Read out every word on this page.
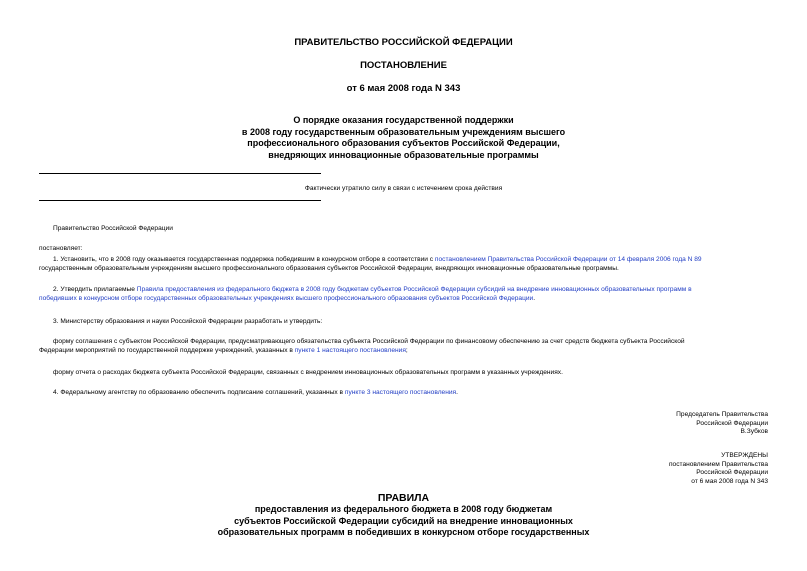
ПРАВИТЕЛЬСТВО РОССИЙСКОЙ ФЕДЕРАЦИИ
ПОСТАНОВЛЕНИЕ
от 6 мая 2008 года N 343
О порядке оказания государственной поддержки
в 2008 году государственным образовательным учреждениям высшего
профессионального образования субъектов Российской Федерации,
внедряющих инновационные образовательные программы
Фактически утратило силу в связи с истечением срока действия
Правительство Российской Федерации
постановляет:
1. Установить, что в 2008 году оказывается государственная поддержка победившим в конкурсном отборе в соответствии с постановлением Правительства Российской Федерации от 14 февраля 2006 года N 89
государственным образовательным учреждениям высшего профессионального образования субъектов Российской Федерации, внедряющих инновационные образовательные программы.
2. Утвердить прилагаемые Правила предоставления из федерального бюджета в 2008 году бюджетам субъектов Российской Федерации субсидий на внедрение инновационных образовательных программ в
победивших в конкурсном отборе государственных образовательных учреждениях высшего профессионального образования субъектов Российской Федерации.
3. Министерству образования и науки Российской Федерации разработать и утвердить:
форму соглашения с субъектом Российской Федерации, предусматривающего обязательства субъекта Российской Федерации по финансовому обеспечению за счет средств бюджета субъекта Российской
Федерации мероприятий по государственной поддержке учреждений, указанных в пункте 1 настоящего постановления;
форму отчета о расходах бюджета субъекта Российской Федерации, связанных с внедрением инновационных образовательных программ в указанных учреждениях.
4. Федеральному агентству по образованию обеспечить подписание соглашений, указанных в пункте 3 настоящего постановления.
Председатель Правительства
Российской Федерации
В.Зубков
УТВЕРЖДЕНЫ
постановлением Правительства
Российской Федерации
от 6 мая 2008 года N 343
ПРАВИЛА
предоставления из федерального бюджета в 2008 году бюджетам
субъектов Российской Федерации субсидий на внедрение инновационных
образовательных программ в победивших в конкурсном отборе государственных
